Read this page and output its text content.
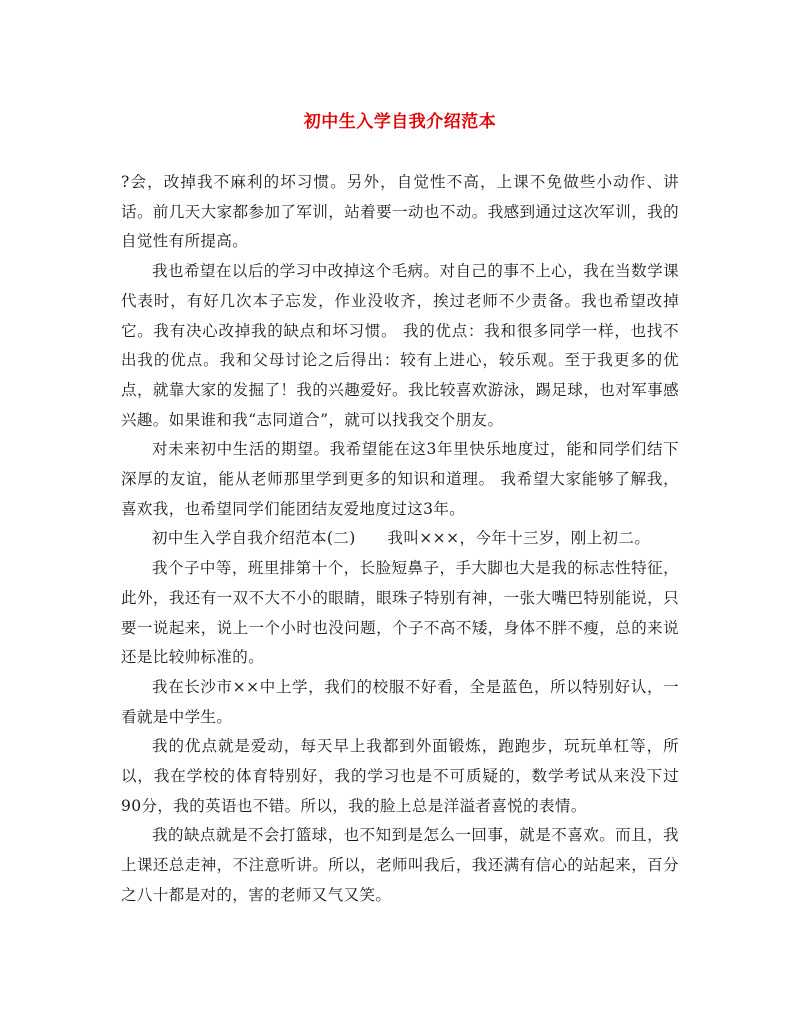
初中生入学自我介绍范本

?会，改掉我不麻利的坏习惯。另外，自觉性不高，上课不免做些小动作、讲话。前几天大家都参加了军训，站着要一动也不动。我感到通过这次军训，我的自觉性有所提高。

我也希望在以后的学习中改掉这个毛病。对自己的事不上心，我在当数学课代表时，有好几次本子忘发，作业没收齐，挨过老师不少责备。我也希望改掉它。我有决心改掉我的缺点和坏习惯。 我的优点：我和很多同学一样，也找不出我的优点。我和父母讨论之后得出：较有上进心，较乐观。至于我更多的优点，就靠大家的发掘了！我的兴趣爱好。我比较喜欢游泳，踢足球，也对军事感兴趣。如果谁和我“志同道合”，就可以找我交个朋友。

对未来初中生活的期望。我希望能在这3年里快乐地度过，能和同学们结下深厚的友谊，能从老师那里学到更多的知识和道理。 我希望大家能够了解我，喜欢我，也希望同学们能团结友爱地度过这3年。

初中生入学自我介绍范本(二)　　我叫×××，今年十三岁，刚上初二。

我个子中等，班里排第十个，长脸短鼻子，手大脚也大是我的标志性特征，此外，我还有一双不大不小的眼睛，眼珠子特别有神，一张大嘴巴特别能说，只要一说起来，说上一个小时也没问题，个子不高不矮，身体不胖不瘦，总的来说还是比较帅标准的。

我在长沙市××中上学，我们的校服不好看，全是蓝色，所以特别好认，一看就是中学生。

我的优点就是爱动，每天早上我都到外面锻炼，跑跑步，玩玩单杠等，所以，我在学校的体育特别好，我的学习也是不可质疑的，数学考试从来没下过90分，我的英语也不错。所以，我的脸上总是洋溢者喜悦的表情。

我的缺点就是不会打篮球，也不知到是怎么一回事，就是不喜欢。而且，我上课还总走神，不注意听讲。所以，老师叫我后，我还满有信心的站起来，百分之八十都是对的，害的老师又气又笑。
